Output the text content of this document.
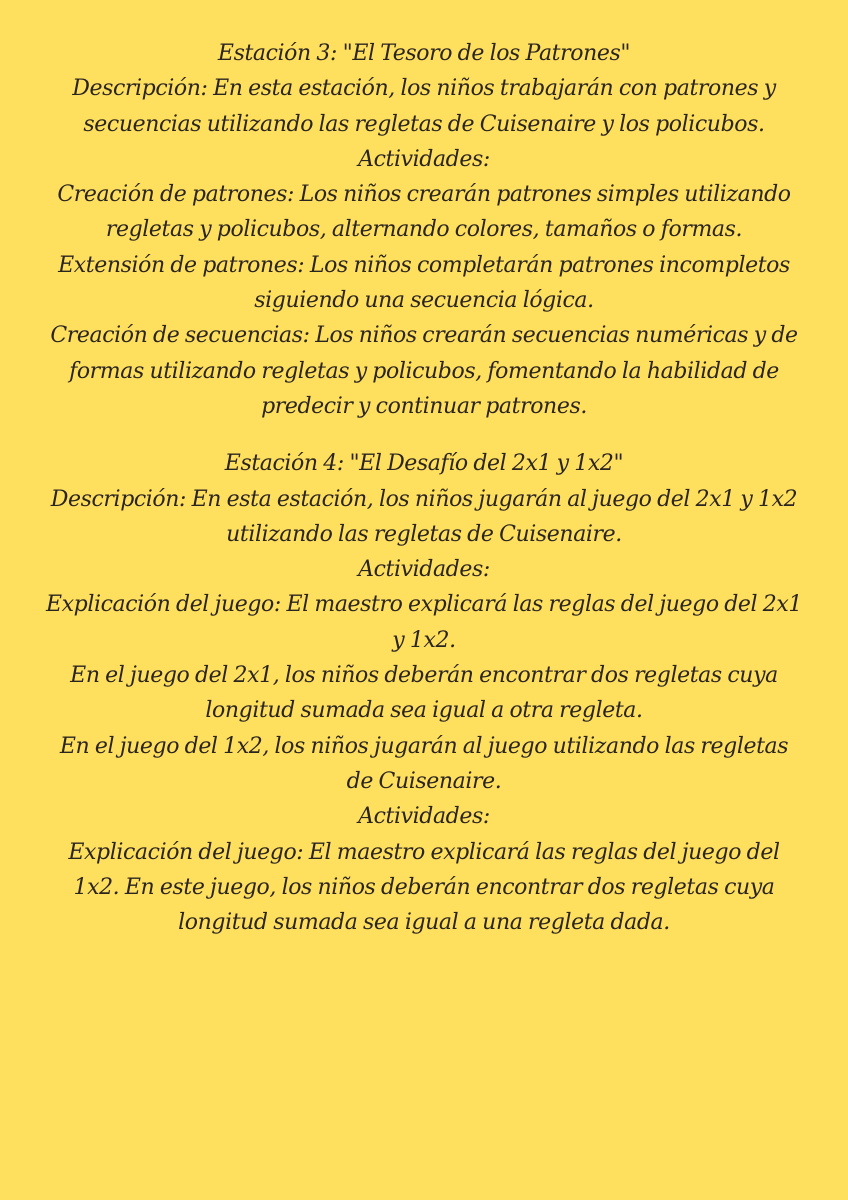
Estación 3: "El Tesoro de los Patrones"
Descripción: En esta estación, los niños trabajarán con patrones y
secuencias utilizando las regletas de Cuisenaire y los policubos.
Actividades:
Creación de patrones: Los niños crearán patrones simples utilizando
regletas y policubos, alternando colores, tamaños o formas.
Extensión de patrones: Los niños completarán patrones incompletos
siguiendo una secuencia lógica.
Creación de secuencias: Los niños crearán secuencias numéricas y de
formas utilizando regletas y policubos, fomentando la habilidad de
predecir y continuar patrones.
Estación 4: "El Desafío del 2x1 y 1x2"
Descripción: En esta estación, los niños jugarán al juego del 2x1 y 1x2
utilizando las regletas de Cuisenaire.
Actividades:
Explicación del juego: El maestro explicará las reglas del juego del 2x1
y 1x2.
En el juego del 2x1, los niños deberán encontrar dos regletas cuya
longitud sumada sea igual a otra regleta.
En el juego del 1x2, los niños jugarán al juego utilizando las regletas
de Cuisenaire.
Actividades:
Explicación del juego: El maestro explicará las reglas del juego del
1x2. En este juego, los niños deberán encontrar dos regletas cuya
longitud sumada sea igual a una regleta dada.
